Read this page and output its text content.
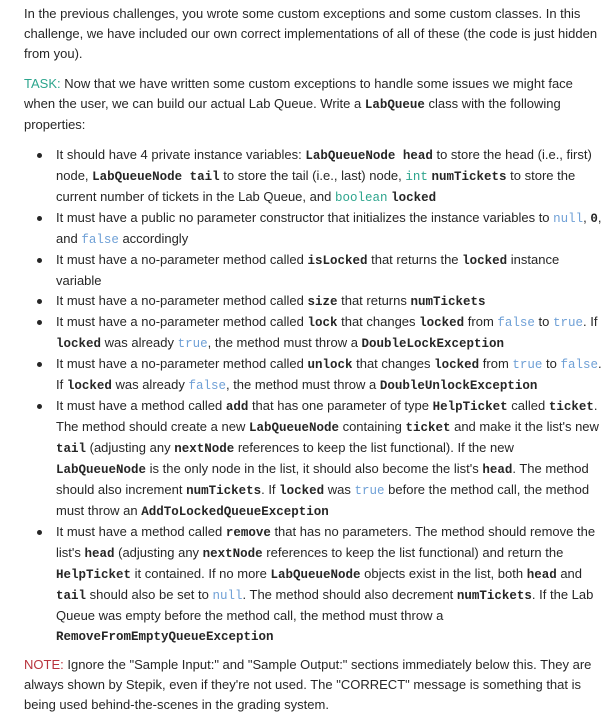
In the previous challenges, you wrote some custom exceptions and some custom classes. In this challenge, we have included our own correct implementations of all of these (the code is just hidden from you).

TASK: Now that we have written some custom exceptions to handle some issues we might face when the user, we can build our actual Lab Queue. Write a LabQueue class with the following properties:

It should have 4 private instance variables: LabQueueNode head to store the head (i.e., first) node, LabQueueNode tail to store the tail (i.e., last) node, int numTickets to store the current number of tickets in the Lab Queue, and boolean locked
It must have a public no parameter constructor that initializes the instance variables to null, 0, and false accordingly
It must have a no-parameter method called isLocked that returns the locked instance variable
It must have a no-parameter method called size that returns numTickets
It must have a no-parameter method called lock that changes locked from false to true. If locked was already true, the method must throw a DoubleLockException
It must have a no-parameter method called unlock that changes locked from true to false. If locked was already false, the method must throw a DoubleUnlockException
It must have a method called add that has one parameter of type HelpTicket called ticket. The method should create a new LabQueueNode containing ticket and make it the list's new tail (adjusting any nextNode references to keep the list functional). If the new LabQueueNode is the only node in the list, it should also become the list's head. The method should also increment numTickets. If locked was true before the method call, the method must throw an AddToLockedQueueException
It must have a method called remove that has no parameters. The method should remove the list's head (adjusting any nextNode references to keep the list functional) and return the HelpTicket it contained. If no more LabQueueNode objects exist in the list, both head and tail should also be set to null. The method should also decrement numTickets. If the Lab Queue was empty before the method call, the method must throw a RemoveFromEmptyQueueException

NOTE: Ignore the "Sample Input:" and "Sample Output:" sections immediately below this. They are always shown by Stepik, even if they're not used. The "CORRECT" message is something that is being used behind-the-scenes in the grading system.
